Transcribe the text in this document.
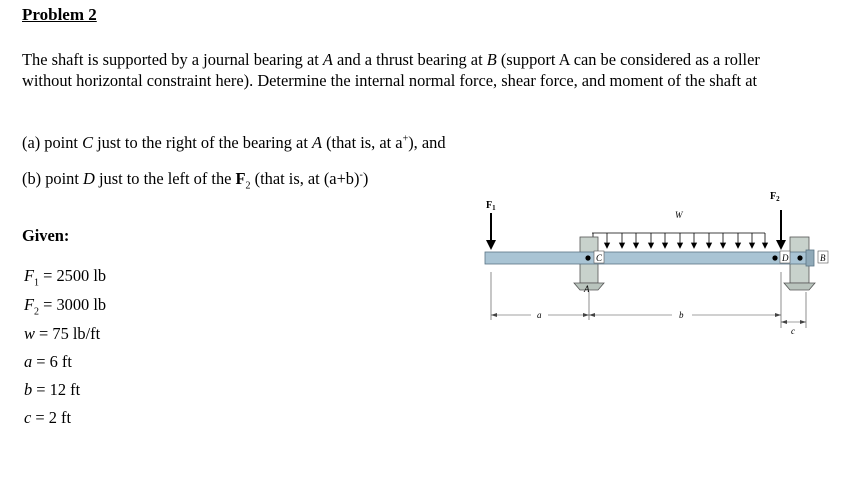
Problem 2
The shaft is supported by a journal bearing at A and a thrust bearing at B (support A can be considered as a roller without horizontal constraint here). Determine the internal normal force, shear force, and moment of the shaft at
(a) point C just to the right of the bearing at A (that is, at a+), and
(b) point D just to the left of the $F_2$ (that is, at (a+b)-)
Given:
$F_1 = 2500$ lb
$F_2 = 3000$ lb
w = 75 lb/ft
a = 6 ft
b = 12 ft
c = 2 ft
$F_1$
$F_2$
W
C	D	B
A
a	b
c
